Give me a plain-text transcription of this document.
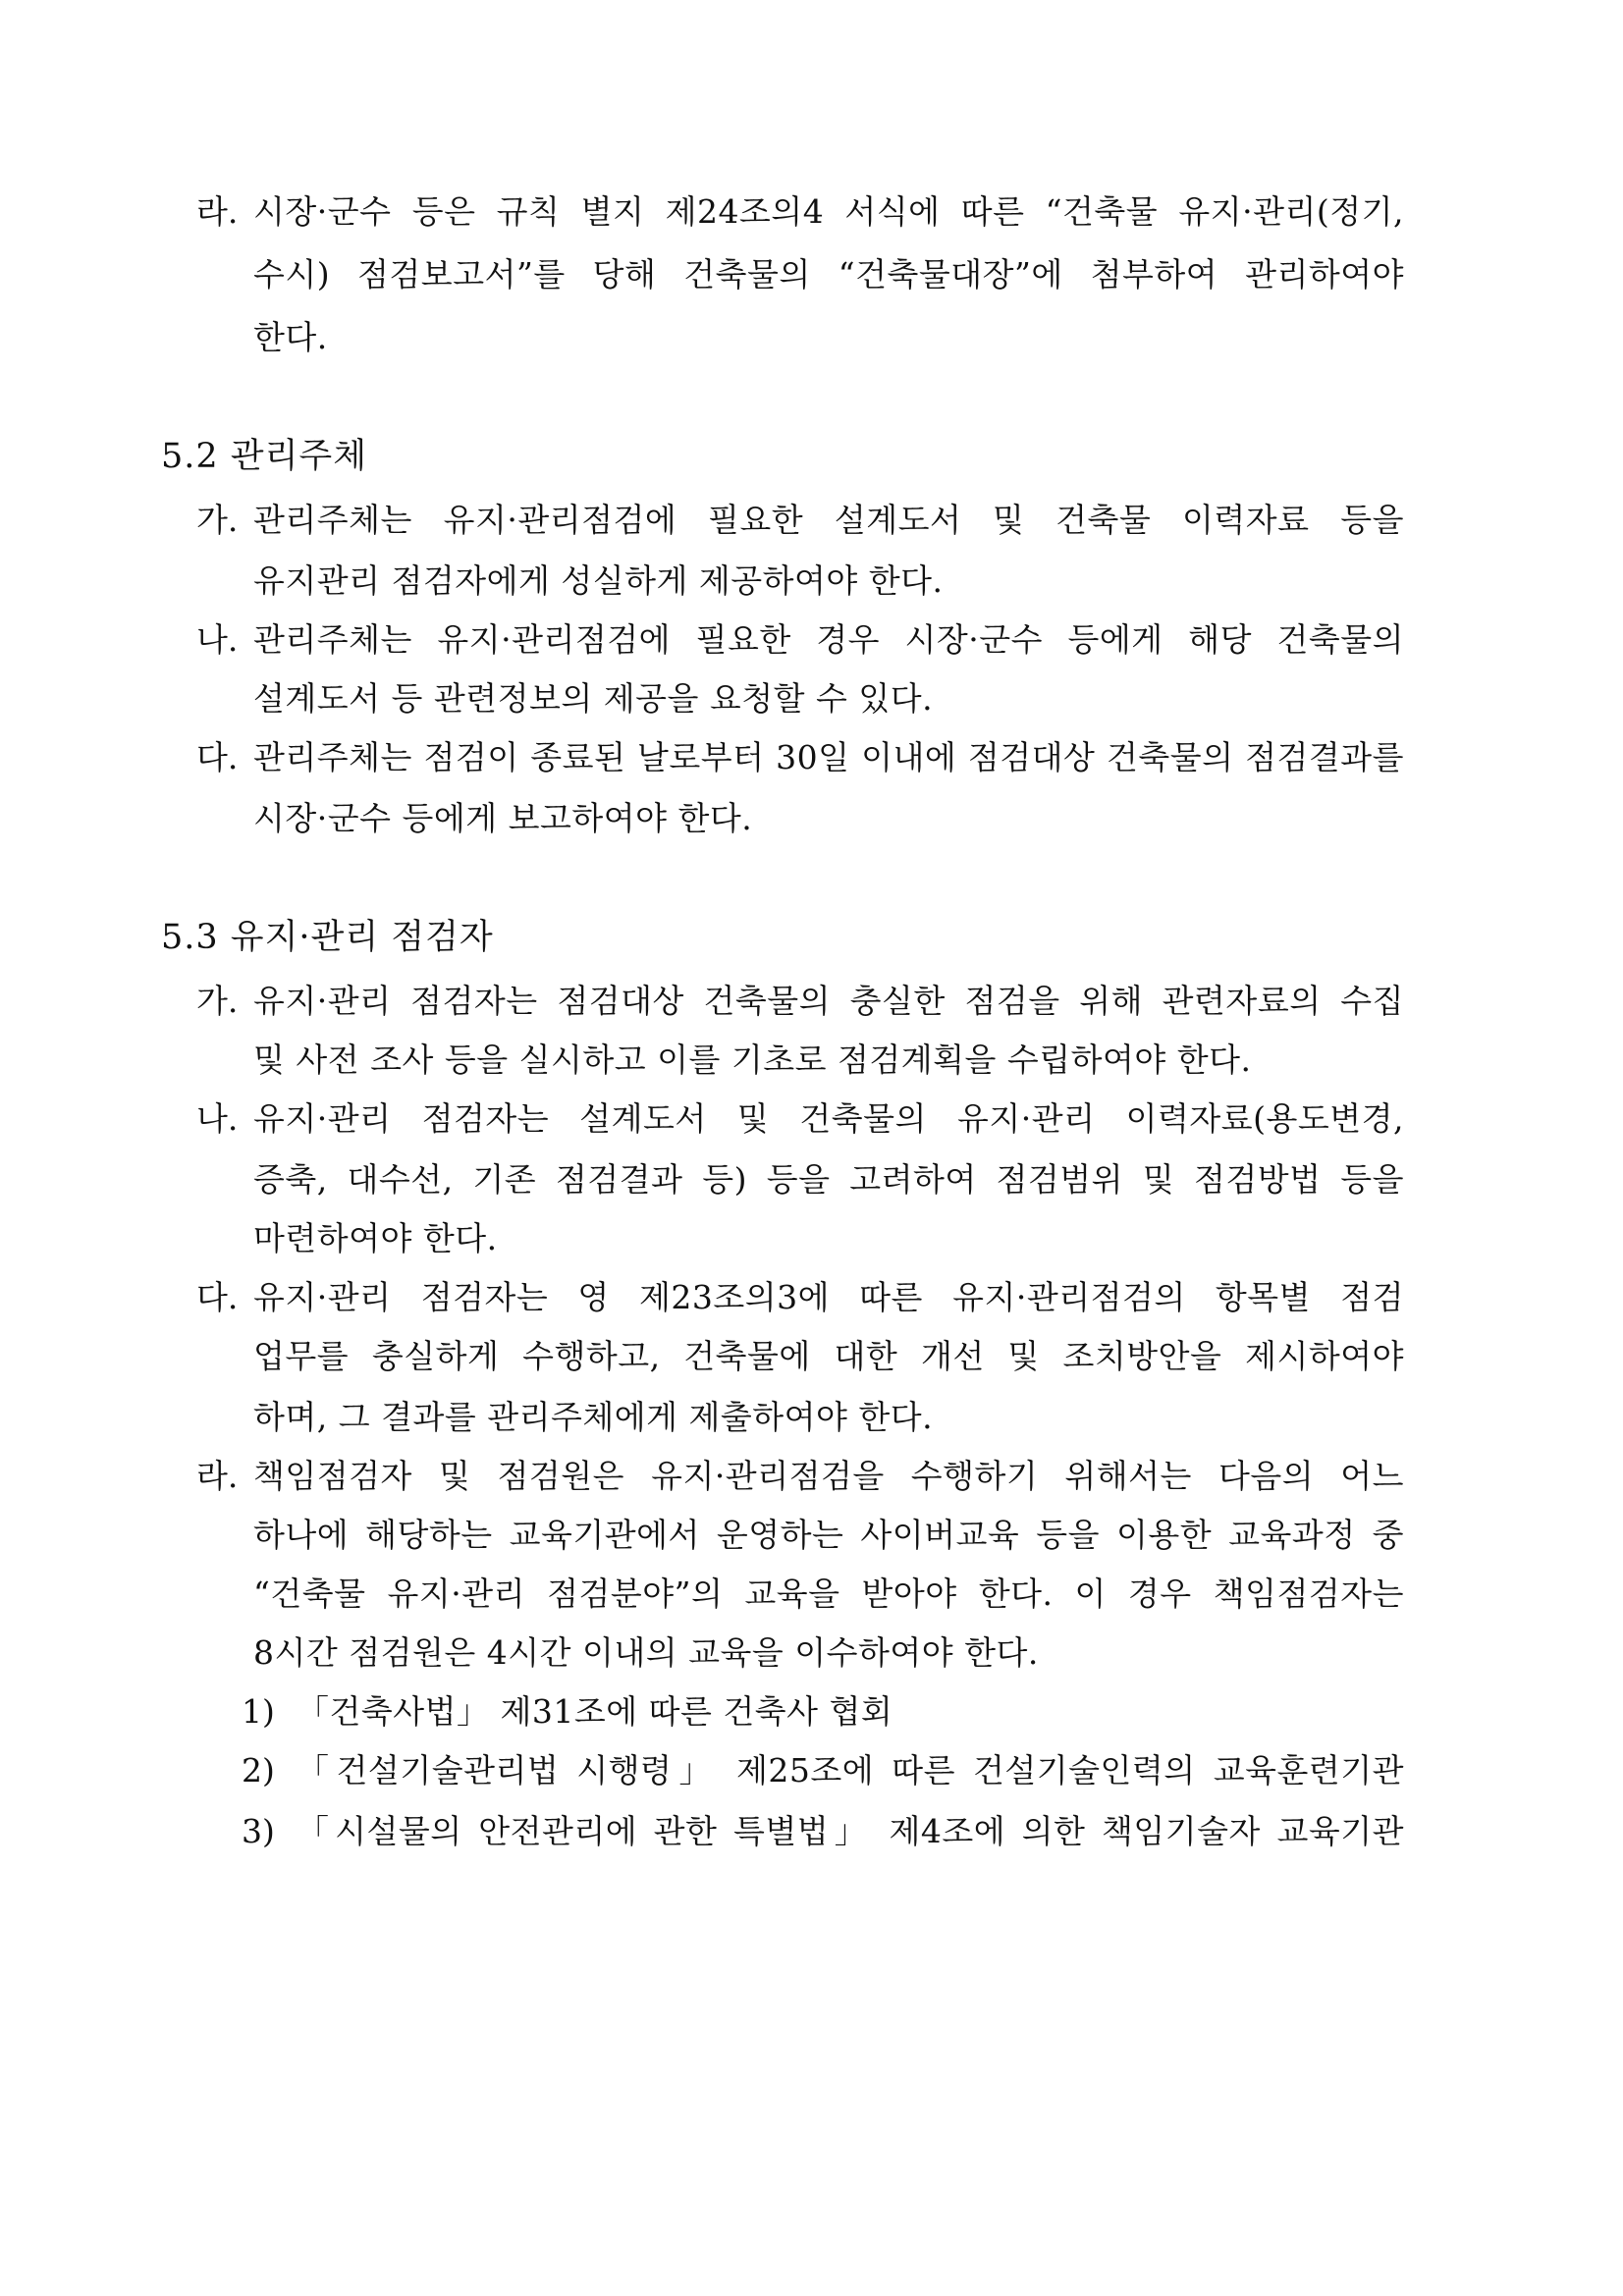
라. 시장·군수 등은 규칙 별지 제24조의4 서식에 따른 “건축물 유지·관리(정기,
수시) 점검보고서”를 당해 건축물의 “건축물대장”에 첨부하여 관리하여야
한다.
5.2 관리주체
가. 관리주체는 유지·관리점검에 필요한 설계도서 및 건축물 이력자료 등을
유지관리 점검자에게 성실하게 제공하여야 한다.
나. 관리주체는 유지·관리점검에 필요한 경우 시장·군수 등에게 해당 건축물의
설계도서 등 관련정보의 제공을 요청할 수 있다.
다. 관리주체는 점검이 종료된 날로부터 30일 이내에 점검대상 건축물의 점검결과를
시장·군수 등에게 보고하여야 한다.
5.3 유지·관리 점검자
가. 유지·관리 점검자는 점검대상 건축물의 충실한 점검을 위해 관련자료의 수집
및 사전 조사 등을 실시하고 이를 기초로 점검계획을 수립하여야 한다.
나. 유지·관리 점검자는 설계도서 및 건축물의 유지·관리 이력자료(용도변경,
증축, 대수선, 기존 점검결과 등) 등을 고려하여 점검범위 및 점검방법 등을
마련하여야 한다.
다. 유지·관리 점검자는 영 제23조의3에 따른 유지·관리점검의 항목별 점검
업무를 충실하게 수행하고, 건축물에 대한 개선 및 조치방안을 제시하여야
하며, 그 결과를 관리주체에게 제출하여야 한다.
라. 책임점검자 및 점검원은 유지·관리점검을 수행하기 위해서는 다음의 어느
하나에 해당하는 교육기관에서 운영하는 사이버교육 등을 이용한 교육과정 중
“건축물 유지·관리 점검분야”의 교육을 받아야 한다. 이 경우 책임점검자는
8시간 점검원은 4시간 이내의 교육을 이수하여야 한다.
1) 「건축사법」 제31조에 따른 건축사 협회
2) 「건설기술관리법 시행령」 제25조에 따른 건설기술인력의 교육훈련기관
3) 「시설물의 안전관리에 관한 특별법」 제4조에 의한 책임기술자 교육기관
